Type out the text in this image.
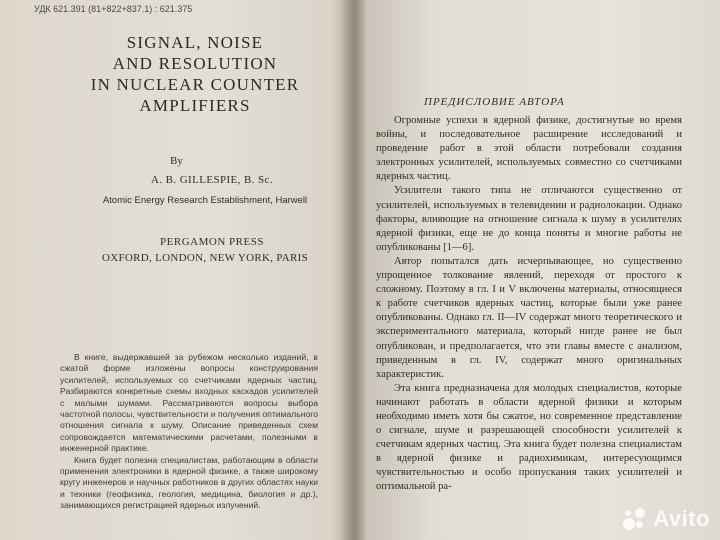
УДК 621.391 (81+822+837.1) : 621.375
SIGNAL, NOISE
AND RESOLUTION
IN NUCLEAR COUNTER
AMPLIFIERS
By
A. B. GILLESPIE, B. Sc.
Atomic Energy Research Establishment, Harwell
PERGAMON PRESS
OXFORD, LONDON, NEW YORK, PARIS

В книге, выдержавшей за рубежом несколько изданий, в сжатой форме изложены вопросы конструирования усилителей, используемых со счетчиками ядерных частиц. Разбираются конкретные схемы входных каскадов усилителей с малыми шумами. Рассматриваются вопросы выбора частотной полосы, чувствительности и получения оптимального отношения сигнала к шуму. Описание приведенных схем сопровождается математическими расчетами, полезными в инженерной практике.

Книга будет полезна специалистам, работающим в области применения электроники в ядерной физике, а также широкому кругу инженеров и научных работников в других областях науки и техники (геофизика, геология, медицина, биология и др.), занимающихся регистрацией ядерных излучений.

ПРЕДИСЛОВИЕ АВТОРА

Огромные успехи в ядерной физике, достигнутые во время войны, и последовательное расширение исследований и проведение работ в этой области потребовали создания электронных усилителей, используемых совместно со счетчиками ядерных частиц.

Усилители такого типа не отличаются существенно от усилителей, используемых в телевидении и радиолокации. Однако факторы, влияющие на отношение сигнала к шуму в усилителях ядерной физики, еще не до конца поняты и многие работы не опубликованы [1—6].

Автор попытался дать исчерпывающее, но существенно упрощенное толкование явлений, переходя от простого к сложному. Поэтому в гл. I и V включены материалы, относящиеся к работе счетчиков ядерных частиц, которые были уже ранее опубликованы. Однако гл. II—IV содержат много теоретического и экспериментального материала, который нигде ранее не был опубликован, и предполагается, что эти главы вместе с анализом, приведенным в гл. IV, содержат много оригинальных характеристик.

Эта книга предназначена для молодых специалистов, которые начинают работать в области ядерной физики и которым необходимо иметь хотя бы сжатое, но современное представление о сигнале, шуме и разрешающей способности усилителей к счетчикам ядерных частиц. Эта книга будет полезна специалистам в ядерной физике и радиохимикам, интересующимся чувствительностью и особо пропускания таких усилителей и оптимальной ра-

Avito
